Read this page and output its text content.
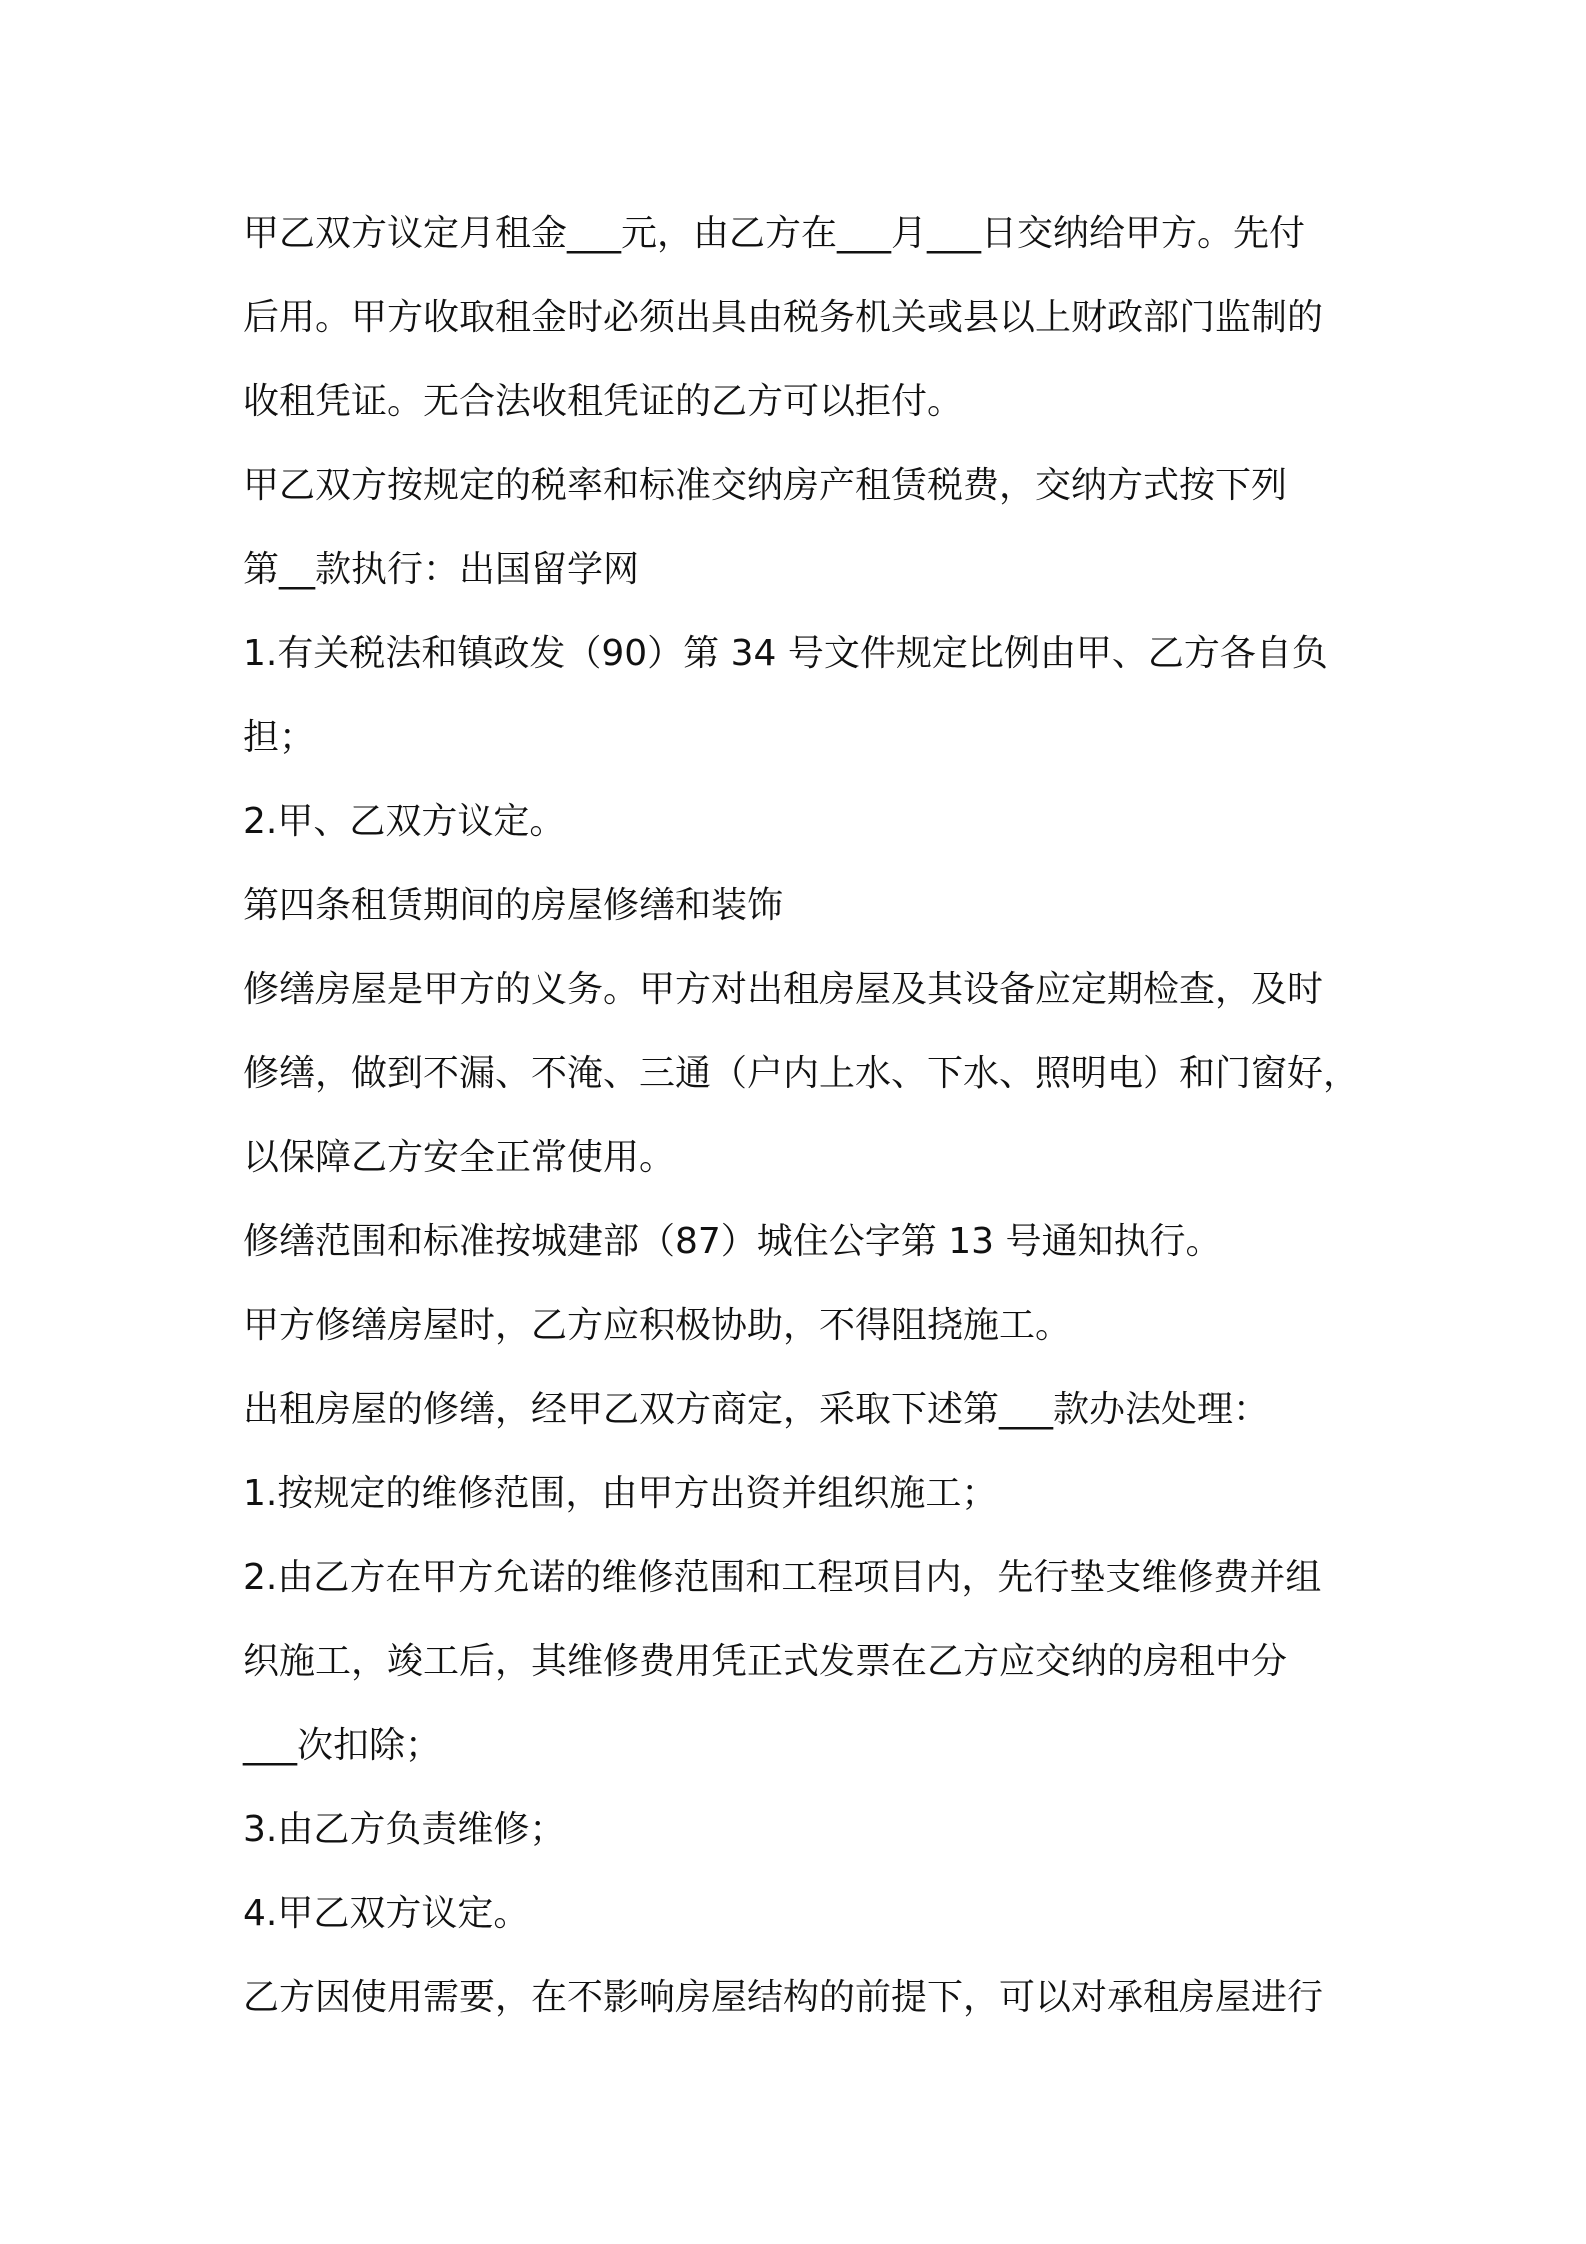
甲乙双方议定月租金___元，由乙方在___月___日交纳给甲方。先付

后用。甲方收取租金时必须出具由税务机关或县以上财政部门监制的

收租凭证。无合法收租凭证的乙方可以拒付。

甲乙双方按规定的税率和标准交纳房产租赁税费，交纳方式按下列

第__款执行：出国留学网

1.有关税法和镇政发（90）第 34 号文件规定比例由甲、乙方各自负

担；

2.甲、乙双方议定。

第四条租赁期间的房屋修缮和装饰

修缮房屋是甲方的义务。甲方对出租房屋及其设备应定期检查，及时

修缮，做到不漏、不淹、三通（户内上水、下水、照明电）和门窗好，

以保障乙方安全正常使用。

修缮范围和标准按城建部（87）城住公字第 13 号通知执行。

甲方修缮房屋时，乙方应积极协助，不得阻挠施工。

出租房屋的修缮，经甲乙双方商定，采取下述第___款办法处理：

1.按规定的维修范围，由甲方出资并组织施工；

2.由乙方在甲方允诺的维修范围和工程项目内，先行垫支维修费并组

织施工，竣工后，其维修费用凭正式发票在乙方应交纳的房租中分

___次扣除；

3.由乙方负责维修；

4.甲乙双方议定。

乙方因使用需要，在不影响房屋结构的前提下，可以对承租房屋进行
